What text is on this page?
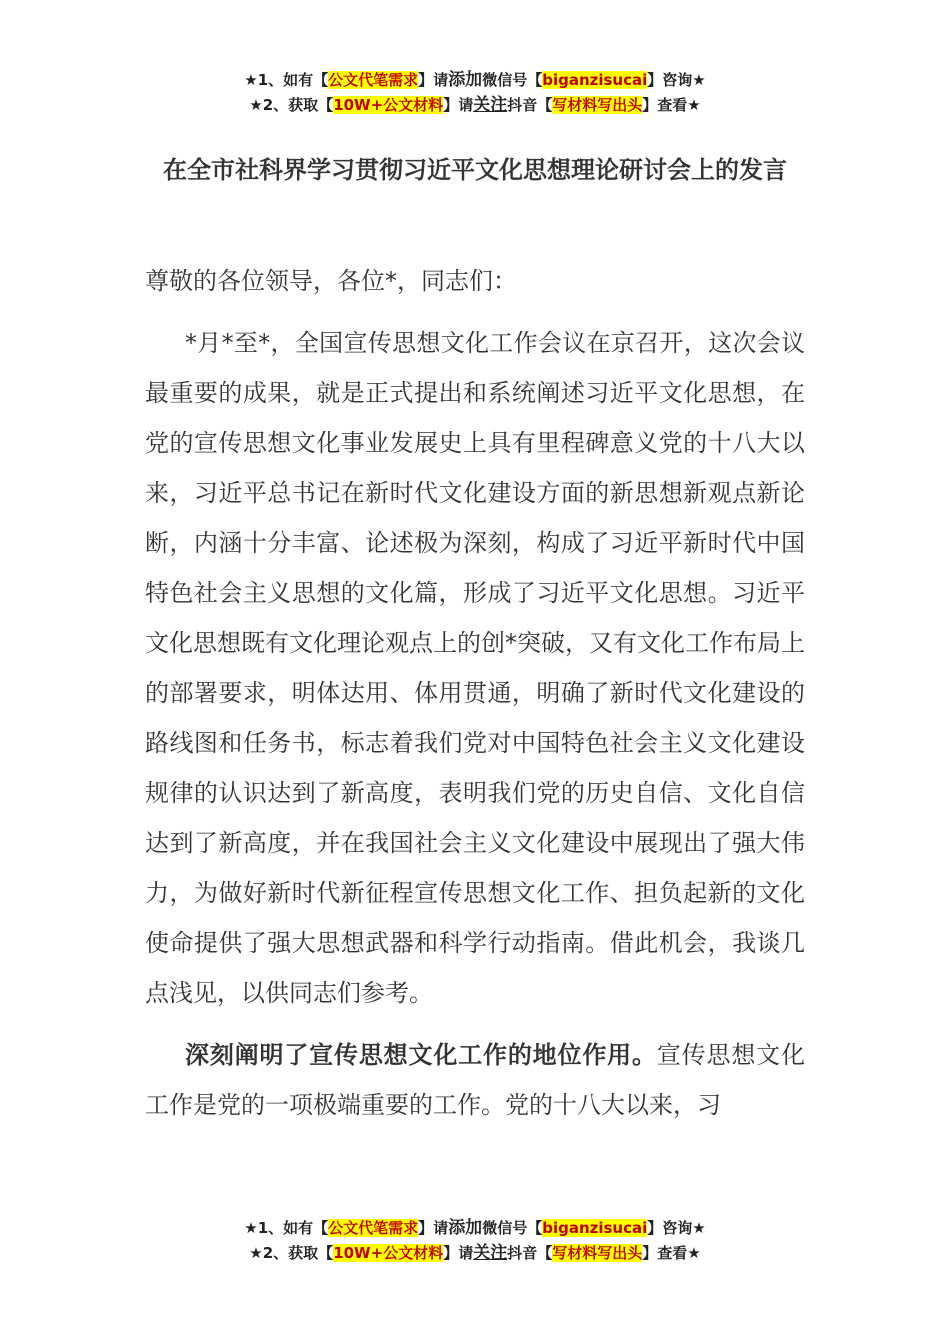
★1、如有【公文代笔需求】请添加微信号【biganzisucai】咨询★
★2、获取【10W+公文材料】请关注抖音【写材料写出头】查看★
在全市社科界学习贯彻习近平文化思想理论研讨会上的发言

尊敬的各位领导，各位*，同志们：

*月*至*，全国宣传思想文化工作会议在京召开，这次会议最重要的成果，就是正式提出和系统阐述习近平文化思想，在党的宣传思想文化事业发展史上具有里程碑意义党的十八大以来，习近平总书记在新时代文化建设方面的新思想新观点新论断，内涵十分丰富、论述极为深刻，构成了习近平新时代中国特色社会主义思想的文化篇，形成了习近平文化思想。习近平文化思想既有文化理论观点上的创*突破，又有文化工作布局上的部署要求，明体达用、体用贯通，明确了新时代文化建设的路线图和任务书，标志着我们党对中国特色社会主义文化建设规律的认识达到了新高度，表明我们党的历史自信、文化自信达到了新高度，并在我国社会主义文化建设中展现出了强大伟力，为做好新时代新征程宣传思想文化工作、担负起新的文化使命提供了强大思想武器和科学行动指南。借此机会，我谈几点浅见，以供同志们参考。

深刻阐明了宣传思想文化工作的地位作用。宣传思想文化工作是党的一项极端重要的工作。党的十八大以来，习

★1、如有【公文代笔需求】请添加微信号【biganzisucai】咨询★
★2、获取【10W+公文材料】请关注抖音【写材料写出头】查看★
